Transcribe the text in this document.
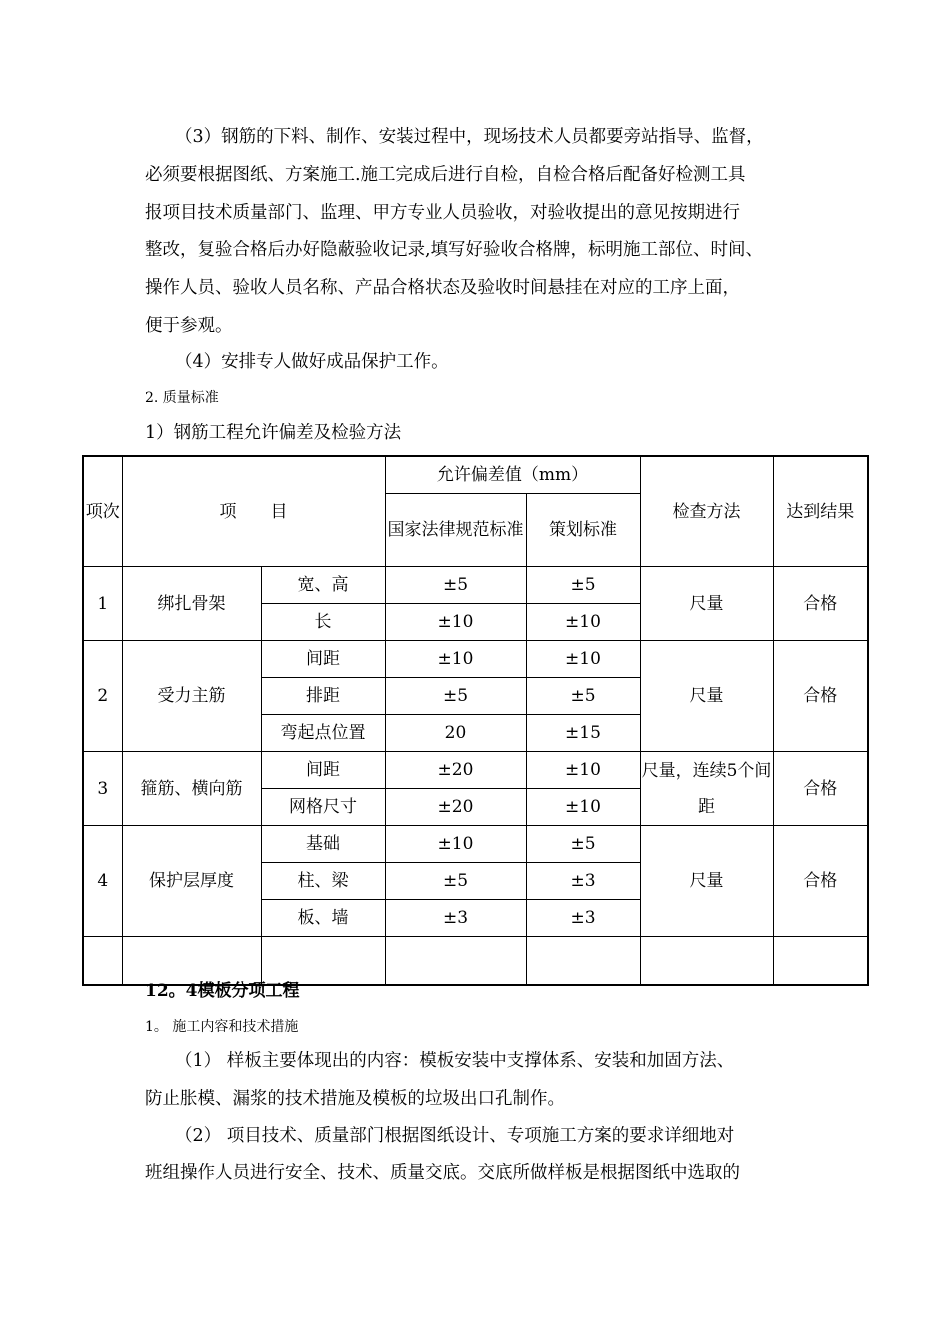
（3）钢筋的下料、制作、安装过程中，现场技术人员都要旁站指导、监督，
必须要根据图纸、方案施工.施工完成后进行自检，自检合格后配备好检测工具
报项目技术质量部门、监理、甲方专业人员验收，对验收提出的意见按期进行
整改，复验合格后办好隐蔽验收记录,填写好验收合格牌，标明施工部位、时间、
操作人员、验收人员名称、产品合格状态及验收时间悬挂在对应的工序上面，
便于参观。
（4）安排专人做好成品保护工作。
2. 质量标准
1）钢筋工程允许偏差及检验方法
项次	项　　目		允许偏差值（mm）		检查方法	达到结果
			国家法律规范标准	策划标准		
1	绑扎骨架	宽、高	±5	±5	尺量	合格
		长	±10	±10		
2	受力主筋	间距	±10	±10	尺量	合格
		排距	±5	±5		
		弯起点位置	20	±15		
3	箍筋、横向筋	间距	±20	±10	尺量，连续5个间距	合格
		网格尺寸	±20	±10		
4	保护层厚度	基础	±10	±5	尺量	合格
		柱、梁	±5	±3		
		板、墙	±3	±3		

12。4模板分项工程
1。 施工内容和技术措施
（1） 样板主要体现出的内容：模板安装中支撑体系、安装和加固方法、
防止胀模、漏浆的技术措施及模板的垃圾出口孔制作。
（2） 项目技术、质量部门根据图纸设计、专项施工方案的要求详细地对
班组操作人员进行安全、技术、质量交底。交底所做样板是根据图纸中选取的
